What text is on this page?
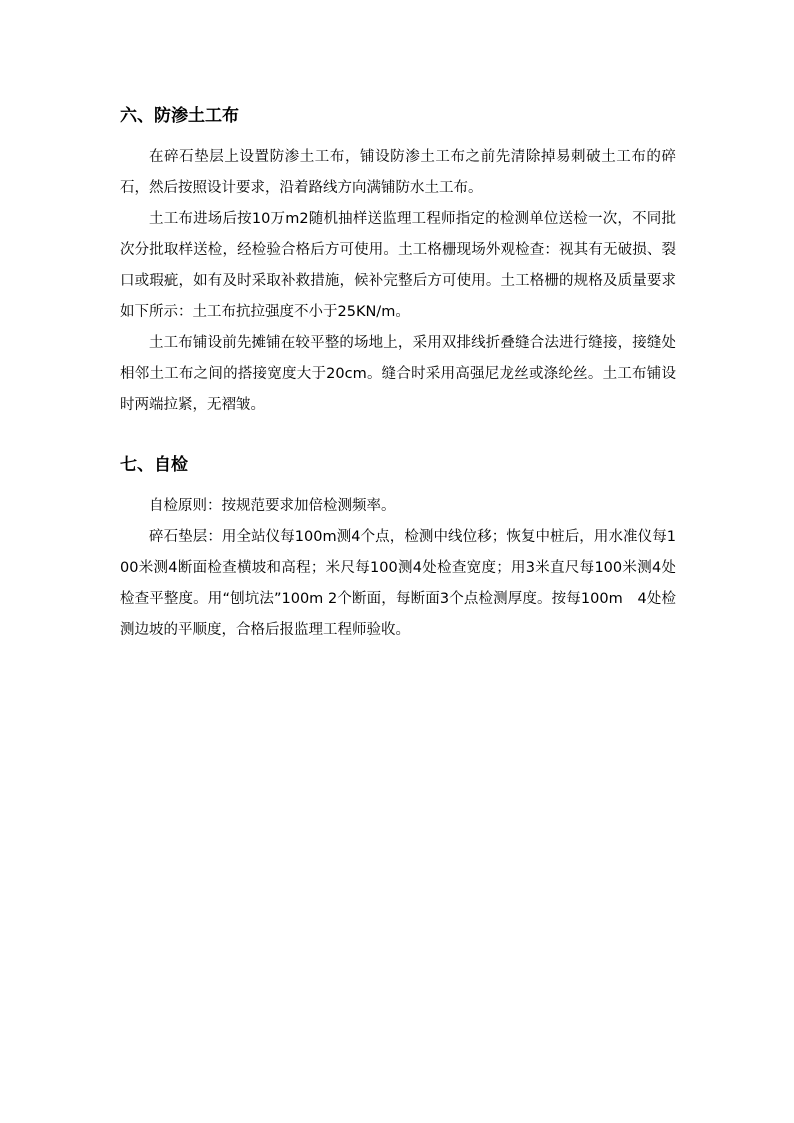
六、防渗土工布

在碎石垫层上设置防渗土工布，铺设防渗土工布之前先清除掉易刺破土工布的碎石，然后按照设计要求，沿着路线方向满铺防水土工布。

土工布进场后按10万m2随机抽样送监理工程师指定的检测单位送检一次，不同批次分批取样送检，经检验合格后方可使用。土工格栅现场外观检查：视其有无破损、裂口或瑕疵，如有及时采取补救措施，候补完整后方可使用。土工格栅的规格及质量要求如下所示：土工布抗拉强度不小于25KN/m。

土工布铺设前先摊铺在较平整的场地上，采用双排线折叠缝合法进行缝接，接缝处相邻土工布之间的搭接宽度大于20cm。缝合时采用高强尼龙丝或涤纶丝。土工布铺设时两端拉紧，无褶皱。

七、自检

自检原则：按规范要求加倍检测频率。

碎石垫层：用全站仪每100m测4个点，检测中线位移；恢复中桩后，用水准仪每100米测4断面检查横坡和高程；米尺每100测4处检查宽度；用3米直尺每100米测4处检查平整度。用“刨坑法”100m 2个断面，每断面3个点检测厚度。按每100m　4处检测边坡的平顺度，合格后报监理工程师验收。
